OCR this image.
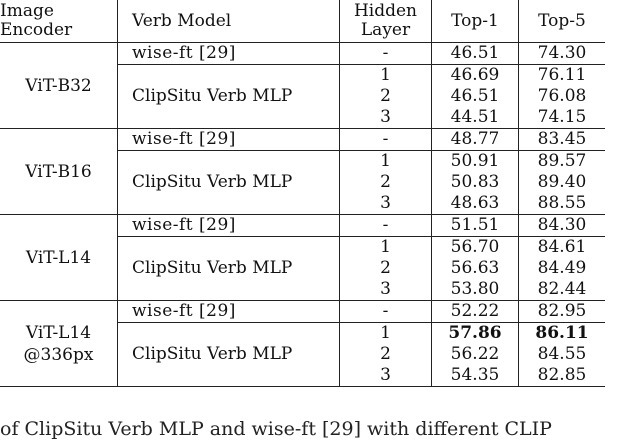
Image
Encoder	Verb Model	Hidden
Layer	Top-1	Top-5
ViT-B32	wise-ft [29]	-	46.51	74.30

	ClipSitu Verb MLP	1	46.69	76.11
		2	46.51	76.08
		3	44.51	74.15
ViT-B16	wise-ft [29]	-	48.77	83.45

	ClipSitu Verb MLP	1	50.91	89.57
		2	50.83	89.40
		3	48.63	88.55
ViT-L14	wise-ft [29]	-	51.51	84.30

	ClipSitu Verb MLP	1	56.70	84.61
		2	56.63	84.49
		3	53.80	82.44
ViT-L14
@336px	wise-ft [29]	-	52.22	82.95

	ClipSitu Verb MLP	1	57.86	86.11
		2	56.22	84.55
		3	54.35	82.85
of ClipSitu Verb MLP and wise-ft [29] with different CLIP
